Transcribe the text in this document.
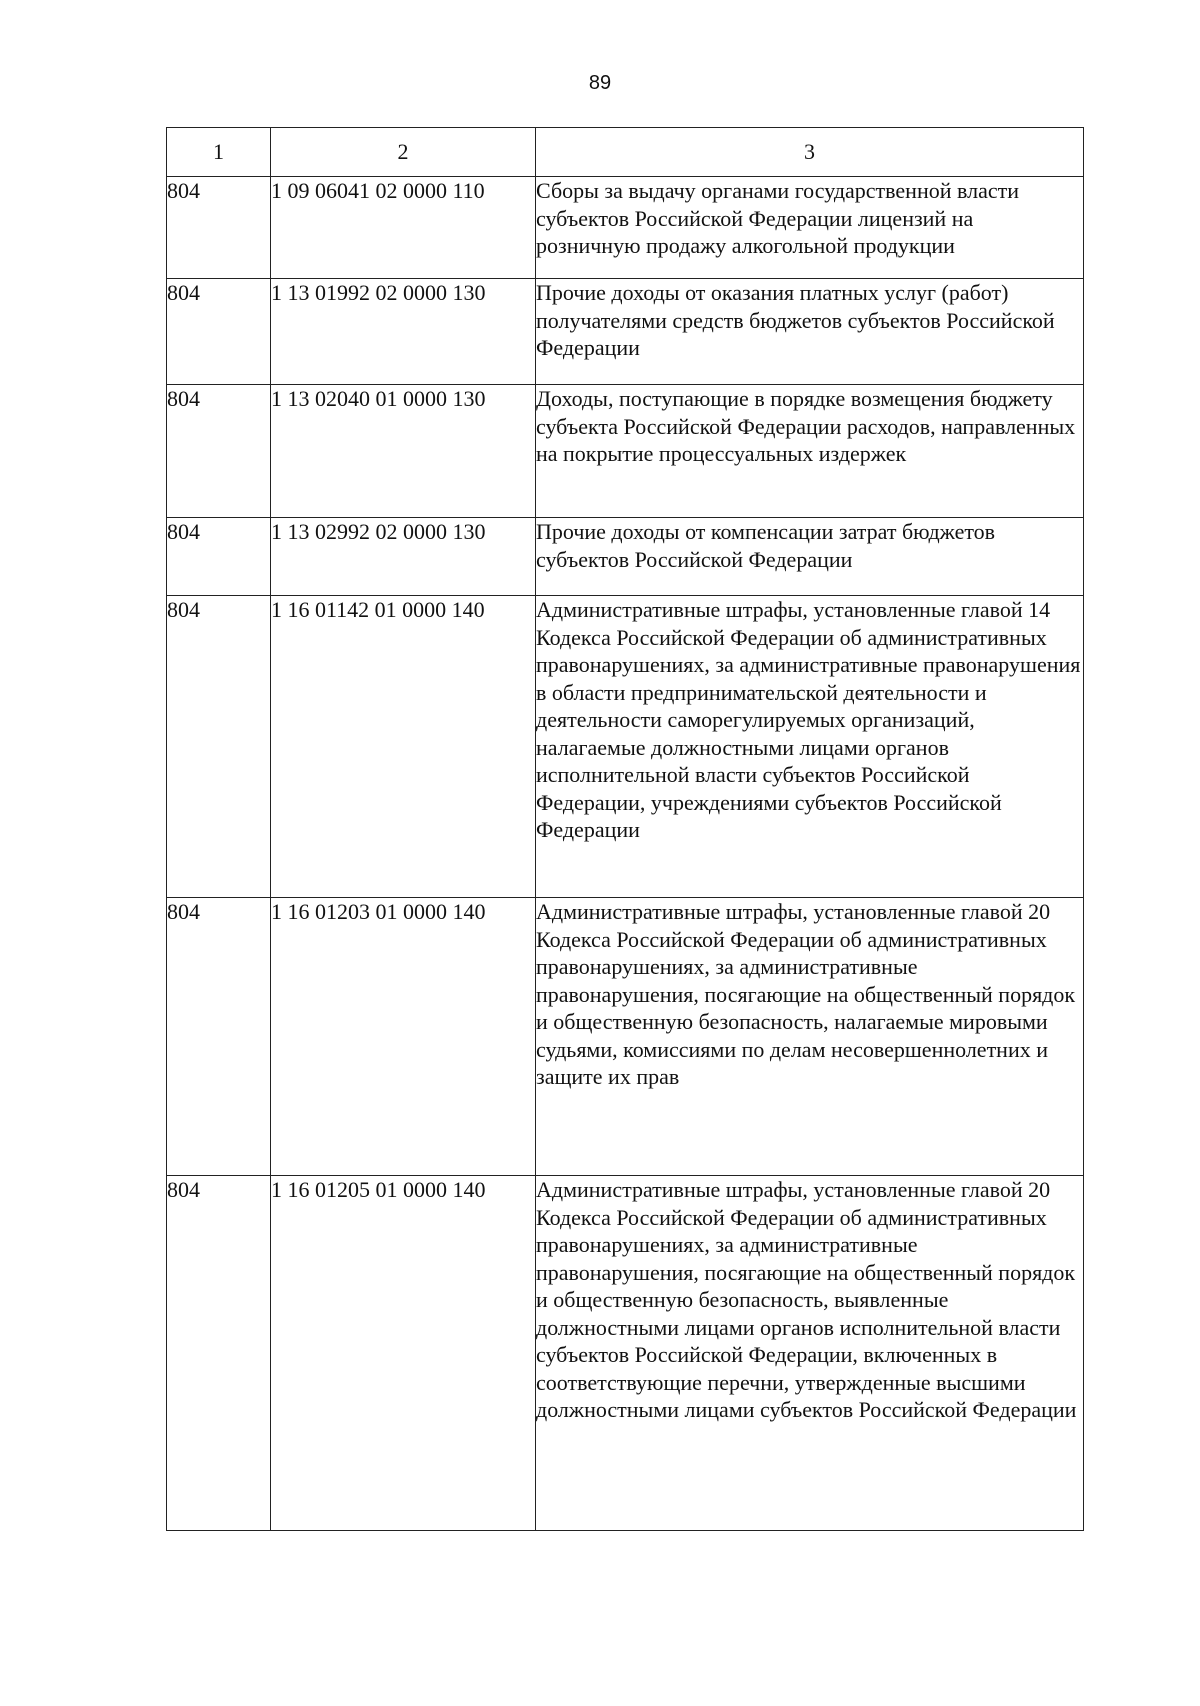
89
1	2	3
804	1 09 06041 02 0000 110	Сборы за выдачу органами государственной власти субъектов Российской Федерации лицензий на розничную продажу алкогольной продукции
804	1 13 01992 02 0000 130	Прочие доходы от оказания платных услуг (работ) получателями средств бюджетов субъектов Российской Федерации
804	1 13 02040 01 0000 130	Доходы, поступающие в порядке возмещения бюджету субъекта Российской Федерации расходов, направленных на покрытие процессуальных издержек
804	1 13 02992 02 0000 130	Прочие доходы от компенсации затрат бюджетов субъектов Российской Федерации
804	1 16 01142 01 0000 140	Административные штрафы, установленные главой 14 Кодекса Российской Федерации об административных правонарушениях, за административные правонарушения в области предпринимательской деятельности и деятельности саморегулируемых организаций, налагаемые должностными лицами органов исполнительной власти субъектов Российской Федерации, учреждениями субъектов Российской Федерации
804	1 16 01203 01 0000 140	Административные штрафы, установленные главой 20 Кодекса Российской Федерации об административных правонарушениях, за административные правонарушения, посягающие на общественный порядок и общественную безопасность, налагаемые мировыми судьями, комиссиями по делам несовершеннолетних и защите их прав
804	1 16 01205 01 0000 140	Административные штрафы, установленные главой 20 Кодекса Российской Федерации об административных правонарушениях, за административные правонарушения, посягающие на общественный порядок и общественную безопасность, выявленные должностными лицами органов исполнительной власти субъектов Российской Федерации, включенных в соответствующие перечни, утвержденные высшими должностными лицами субъектов Российской Федерации
